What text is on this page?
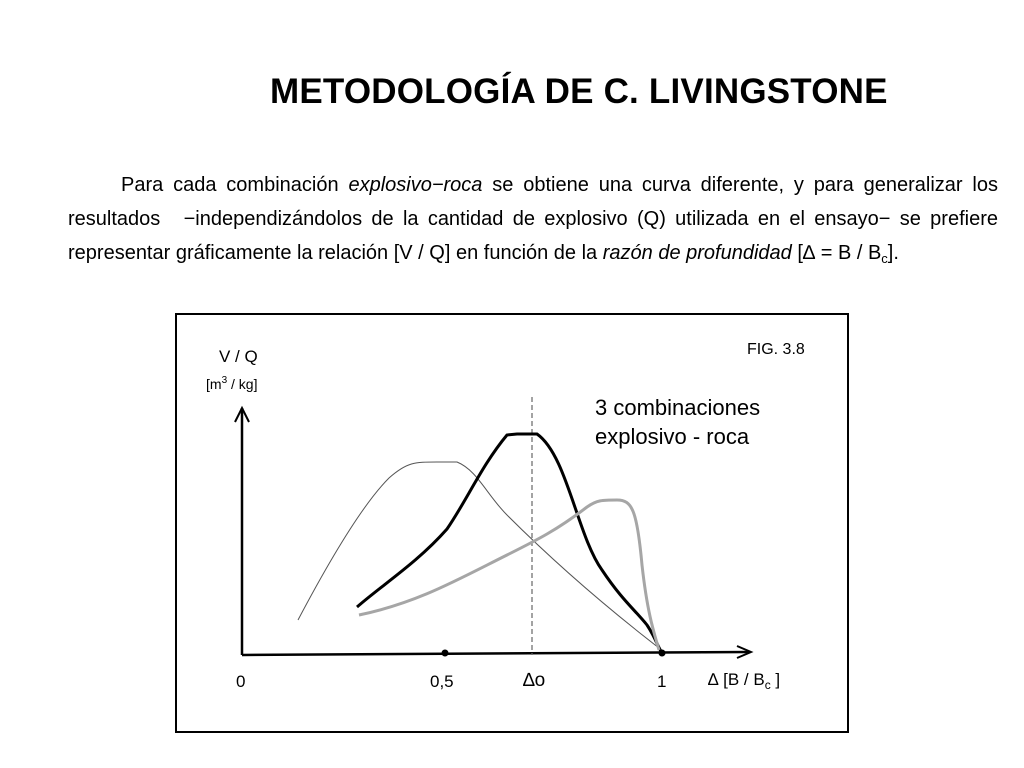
METODOLOGÍA DE C. LIVINGSTONE

Para cada combinación explosivo−roca se obtiene una curva diferente, y para generalizar los resultados −independizándolos de la cantidad de explosivo (Q) utilizada en el ensayo− se prefiere representar gráficamente la relación [V / Q] en función de la razón de profundidad [∆ = B / $B_c$].

FIG. 3.8
V / Q
$[m^3 / kg]$
3 combinaciones
explosivo - roca
0	0,5	∆o	1 ∆ [$B / B_c$ ]
